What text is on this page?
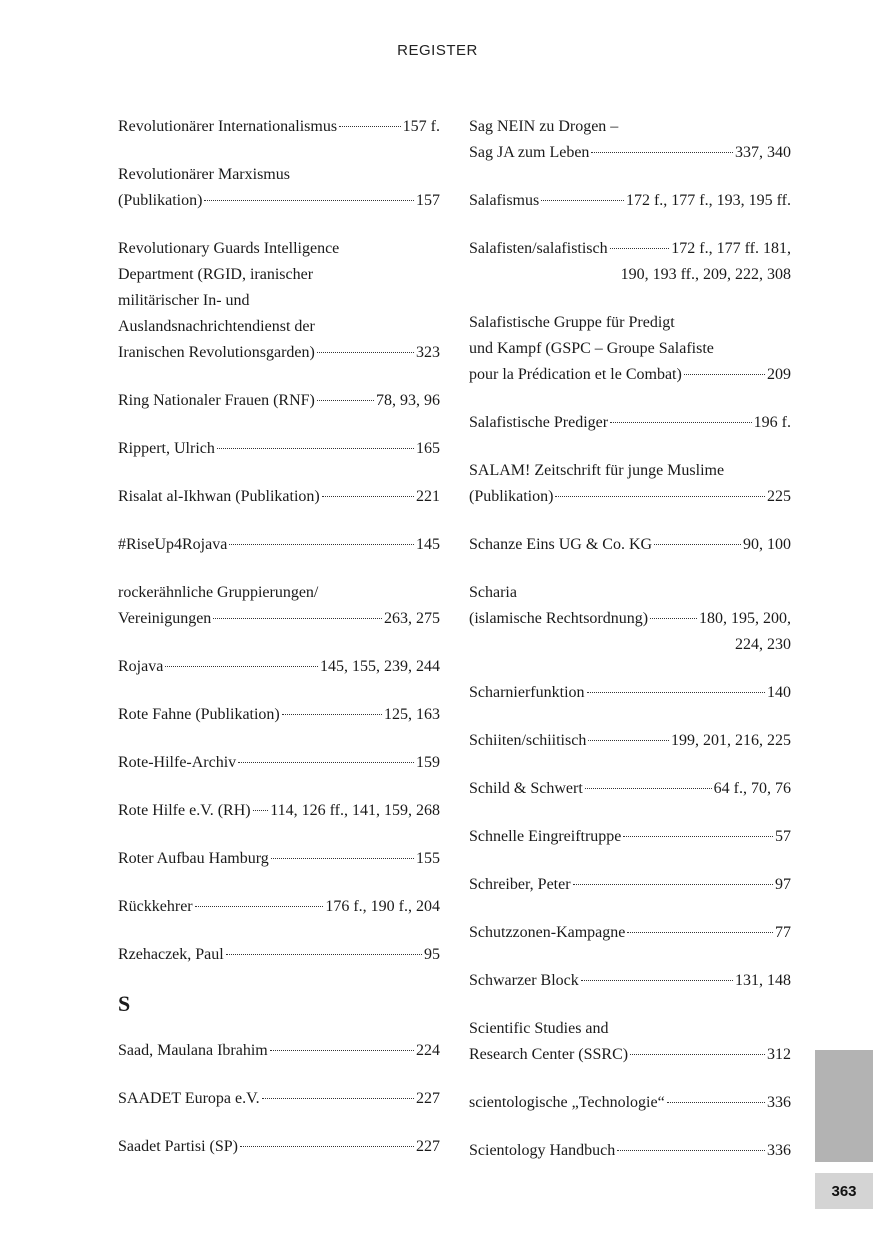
REGISTER
Revolutionärer Internationalismus	157 f.
Revolutionärer Marxismus
(Publikation)	157
Revolutionary Guards Intelligence
Department (RGID, iranischer
militärischer In- und
Auslandsnachrichtendienst der
Iranischen Revolutionsgarden)	323
Ring Nationaler Frauen (RNF)	78, 93, 96
Rippert, Ulrich	165
Risalat al-Ikhwan (Publikation)	221
#RiseUp4Rojava	145
rockerähnliche Gruppierungen/
Vereinigungen	263, 275
Rojava	145, 155, 239, 244
Rote Fahne (Publikation)	125, 163
Rote-Hilfe-Archiv	159
Rote Hilfe e.V. (RH) 114, 126 ff., 141, 159, 268
Roter Aufbau Hamburg	155
Rückkehrer	176 f., 190 f., 204
Rzehaczek, Paul	95
S
Saad, Maulana Ibrahim	224
SAADET Europa e.V.	227
Saadet Partisi (SP)	227
Sag NEIN zu Drogen –
Sag JA zum Leben	337, 340
Salafismus	172 f., 177 f., 193, 195 ff.
Salafisten/salafistisch	172 f., 177 ff. 181,
190, 193 ff., 209, 222, 308
Salafistische Gruppe für Predigt
und Kampf (GSPC – Groupe Salafiste
pour la Prédication et le Combat)	209
Salafistische Prediger	196 f.
SALAM! Zeitschrift für junge Muslime
(Publikation)	225
Schanze Eins UG & Co. KG	90, 100
Scharia
(islamische Rechtsordnung)	180, 195, 200,
224, 230
Scharnierfunktion	140
Schiiten/schiitisch	199, 201, 216, 225
Schild & Schwert	64 f., 70, 76
Schnelle Eingreiftruppe	57
Schreiber, Peter	97
Schutzzonen-Kampagne	77
Schwarzer Block	131, 148
Scientific Studies and
Research Center (SSRC)	312
scientologische „Technologie“	336
Scientology Handbuch	336
363
